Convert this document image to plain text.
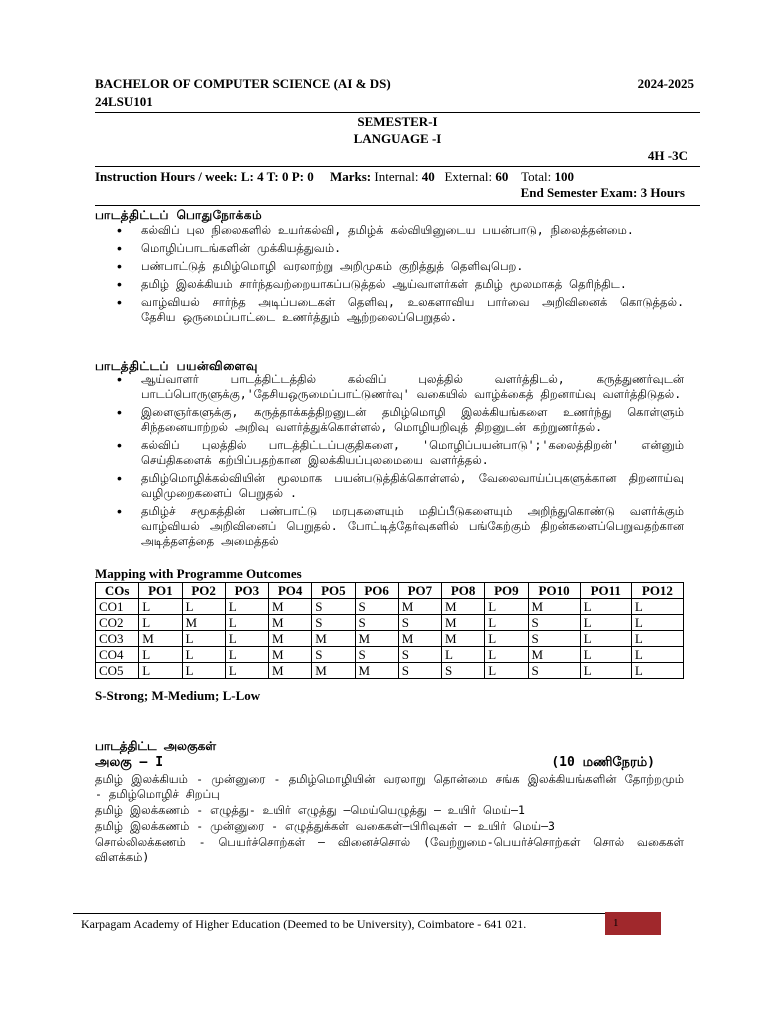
BACHELOR OF COMPUTER SCIENCE (AI & DS)	2024-2025
24LSU101
SEMESTER-I
LANGUAGE -I
4H -3C
Instruction Hours / week: L: 4 T: 0 P: 0 Marks: Internal: 40 External: 60 Total: 100
End Semester Exam: 3 Hours
பாடத்திட்டப் பொதுநோக்கம்
• கல்விப் புல நிலைகளில் உயர்கல்வி, தமிழ்க் கல்வியினுடைய பயன்பாடு, நிலைத்தன்மை.
• மொழிப்பாடங்களின் முக்கியத்துவம்.
• பண்பாட்டுத் தமிழ்மொழி வரலாற்று அறிமுகம் குறித்துத் தெளிவுபெற.
• தமிழ் இலக்கியம் சார்ந்தவற்றையாகப்படுத்தல் ஆய்வாளர்கள் தமிழ் மூலமாகத் தெரிந்திட.
• வாழ்வியல் சார்ந்த அடிப்படைகள் தெளிவு, உலகளாவிய பார்வை அறிவினைக் கொடுத்தல். தேசிய ஒருமைப்பாட்டை உணர்த்தும் ஆற்றலைப்பெறுதல்.
பாடத்திட்டப் பயன்விளைவு
• ஆய்வாளர் பாடத்திட்டத்தில் கல்விப் புலத்தில் வளர்த்திடல், கருத்துணர்வுடன் பாடப்பொருளுக்கு,'தேசியஒருமைப்பாட்டுணர்வு' வகையில் வாழ்க்கைத் திறனாய்வு வளர்த்திடுதல்.
• இளைஞர்களுக்கு, கருத்தாக்கத்திறனுடன் தமிழ்மொழி இலக்கியங்களை உணர்ந்து கொள்ளும் சிந்தனையாற்றல் அறிவு வளர்த்துக்கொள்ளல், மொழியறிவுத் திறனுடன் கற்றுணர்தல்.
• கல்விப் புலத்தில் பாடத்திட்டப்பகுதிகளை, 'மொழிப்பயன்பாடு';'கலைத்திறன்' என்னும் செய்திகளைக் கற்பிப்பதற்கான இலக்கியப்புலமையை வளர்த்தல்.
• தமிழ்மொழிக்கல்வியின் மூலமாக பயன்படுத்திக்கொள்ளல், வேலைவாய்ப்புகளுக்கான திறனாய்வு வழிமுறைகளைப் பெறுதல் .
• தமிழ்ச் சமூகத்தின் பண்பாட்டு மரபுகளையும் மதிப்பீடுகளையும் அறிந்துகொண்டு வளர்க்கும் வாழ்வியல் அறிவினைப் பெறுதல். போட்டித்தேர்வுகளில் பங்கேற்கும் திறன்களைப்பெறுவதற்கான அடித்தளத்தை அமைத்தல்
Mapping with Programme Outcomes
COs	PO1	PO2	PO3	PO4	PO5	PO6	PO7	PO8	PO9	PO10	PO11	PO12
CO1	L	L	L	M	S	S	M	M	L	M	L	L
CO2	L	M	L	M	S	S	S	M	L	S	L	L
CO3	M	L	L	M	M	M	M	M	L	S	L	L
CO4	L	L	L	M	S	S	S	L	L	M	L	L
CO5	L	L	L	M	M	M	S	S	L	S	L	L
S-Strong; M-Medium; L-Low
பாடத்திட்ட அலகுகள்
அலகு – I	(10 மணிநேரம்)

தமிழ் இலக்கியம் - முன்னுரை - தமிழ்மொழியின் வரலாறு தொன்மை சங்க இலக்கியங்களின் தோற்றமும் - தமிழ்மொழிச் சிறப்பு

தமிழ் இலக்கணம் - எழுத்து- உயிர் எழுத்து –மெய்யெழுத்து – உயிர் மெய்–1

தமிழ் இலக்கணம் - முன்னுரை - எழுத்துக்கள் வகைகள்–பிரிவுகள் – உயிர் மெய்–3

சொல்லிலக்கணம் - பெயர்ச்சொற்கள் – வினைச்சொல் (வேற்றுமை-பெயர்ச்சொற்கள் சொல் வகைகள் விளக்கம்)

Karpagam Academy of Higher Education (Deemed to be University), Coimbatore - 641 021.	1
